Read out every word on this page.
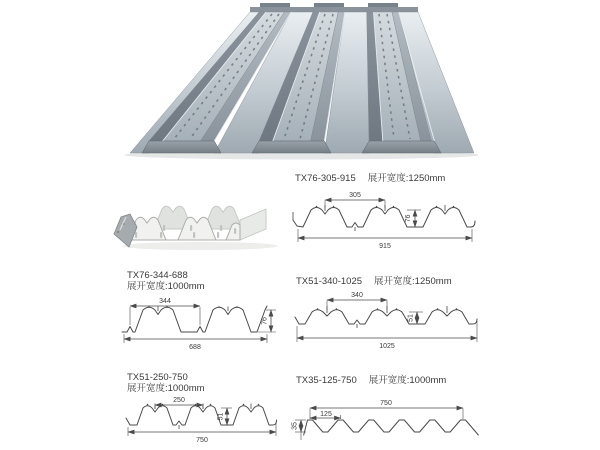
TX76-305-915 展开宽度:1250mm
305
76
915
TX76-344-688
展开宽度:1000mm
344
76
688
TX51-340-1025 展开宽度:1250mm
340
51
1025
TX51-250-750
展开宽度:1000mm
250
51
750
TX35-125-750 展开宽度:1000mm
750
125
35
